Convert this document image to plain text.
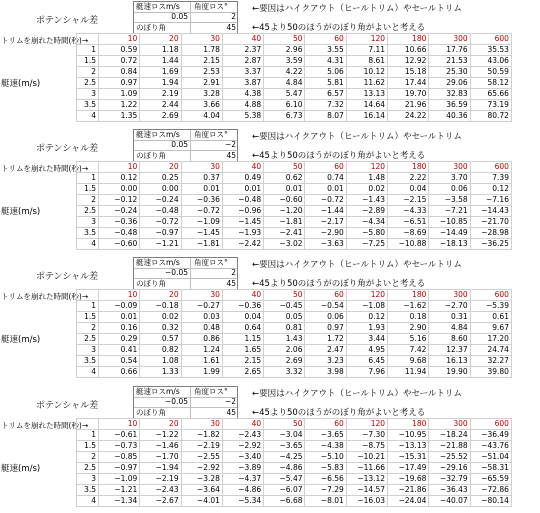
ポテンシャル差
艇速ロスm/s 角度ロス°
0.05	2
のぼり角	45
←要因はハイクアウト（ヒールトリム）やセールトリム
←45より50のほうがのぼり角がよいと考える
トリムを崩れた時間(秒)→
艇速(m/s)
	10	20	30	40	50	60	120	180	300	600
1	0.59	1.18	1.78	2.37	2.96	3.55	7.11	10.66	17.76	35.53
1.5	0.72	1.44	2.15	2.87	3.59	4.31	8.61	12.92	21.53	43.06
2	0.84	1.69	2.53	3.37	4.22	5.06	10.12	15.18	25.30	50.59
2.5	0.97	1.94	2.91	3.87	4.84	5.81	11.62	17.44	29.06	58.12
3	1.09	2.19	3.28	4.38	5.47	6.57	13.13	19.70	32.83	65.66
3.5	1.22	2.44	3.66	4.88	6.10	7.32	14.64	21.96	36.59	73.19
4	1.35	2.69	4.04	5.38	6.73	8.07	16.14	24.22	40.36	80.72
ポテンシャル差
艇速ロスm/s 角度ロス°
0.05	−2
のぼり角	45
←要因はハイクアウト（ヒールトリム）やセールトリム
←45より50のほうがのぼり角がよいと考える
トリムを崩れた時間(秒)→
艇速(m/s)
	10	20	30	40	50	60	120	180	300	600
1	0.12	0.25	0.37	0.49	0.62	0.74	1.48	2.22	3.70	7.39
1.5	0.00	0.00	0.01	0.01	0.01	0.01	0.02	0.04	0.06	0.12
2	−0.12	−0.24	−0.36	−0.48	−0.60	−0.72	−1.43	−2.15	−3.58	−7.16
2.5	−0.24	−0.48	−0.72	−0.96	−1.20	−1.44	−2.89	−4.33	−7.21	−14.43
3	−0.36	−0.72	−1.09	−1.45	−1.81	−2.17	−4.34	−6.51	−10.85	−21.70
3.5	−0.48	−0.97	−1.45	−1.93	−2.41	−2.90	−5.80	−8.69	−14.49	−28.98
4	−0.60	−1.21	−1.81	−2.42	−3.02	−3.63	−7.25	−10.88	−18.13	−36.25
ポテンシャル差
艇速ロスm/s 角度ロス°
−0.05	2
のぼり角	45
←要因はハイクアウト（ヒールトリム）やセールトリム
←45より50のほうがのぼり角がよいと考える
トリムを崩れた時間(秒)→
艇速(m/s)
	10	20	30	40	50	60	120	180	300	600
1	−0.09	−0.18	−0.27	−0.36	−0.45	−0.54	−1.08	−1.62	−2.70	−5.39
1.5	0.01	0.02	0.03	0.04	0.05	0.06	0.12	0.18	0.31	0.61
2	0.16	0.32	0.48	0.64	0.81	0.97	1.93	2.90	4.84	9.67
2.5	0.29	0.57	0.86	1.15	1.43	1.72	3.44	5.16	8.60	17.20
3	0.41	0.82	1.24	1.65	2.06	2.47	4.95	7.42	12.37	24.74
3.5	0.54	1.08	1.61	2.15	2.69	3.23	6.45	9.68	16.13	32.27
4	0.66	1.33	1.99	2.65	3.32	3.98	7.96	11.94	19.90	39.80
ポテンシャル差
艇速ロスm/s 角度ロス°
−0.05	−2
のぼり角	45
←要因はハイクアウト（ヒールトリム）やセールトリム
←45より50のほうがのぼり角がよいと考える
トリムを崩れた時間(秒)→
艇速(m/s)
	10	20	30	40	50	60	120	180	300	600
1	−0.61	−1.22	−1.82	−2.43	−3.04	−3.65	−7.30	−10.95	−18.24	−36.49
1.5	−0.73	−1.46	−2.19	−2.92	−3.65	−4.38	−8.75	−13.13	−21.88	−43.76
2	−0.85	−1.70	−2.55	−3.40	−4.25	−5.10	−10.21	−15.31	−25.52	−51.04
2.5	−0.97	−1.94	−2.92	−3.89	−4.86	−5.83	−11.66	−17.49	−29.16	−58.31
3	−1.09	−2.19	−3.28	−4.37	−5.47	−6.56	−13.12	−19.68	−32.79	−65.59
3.5	−1.21	−2.43	−3.64	−4.86	−6.07	−7.29	−14.57	−21.86	−36.43	−72.86
4	−1.34	−2.67	−4.01	−5.34	−6.68	−8.01	−16.03	−24.04	−40.07	−80.14
